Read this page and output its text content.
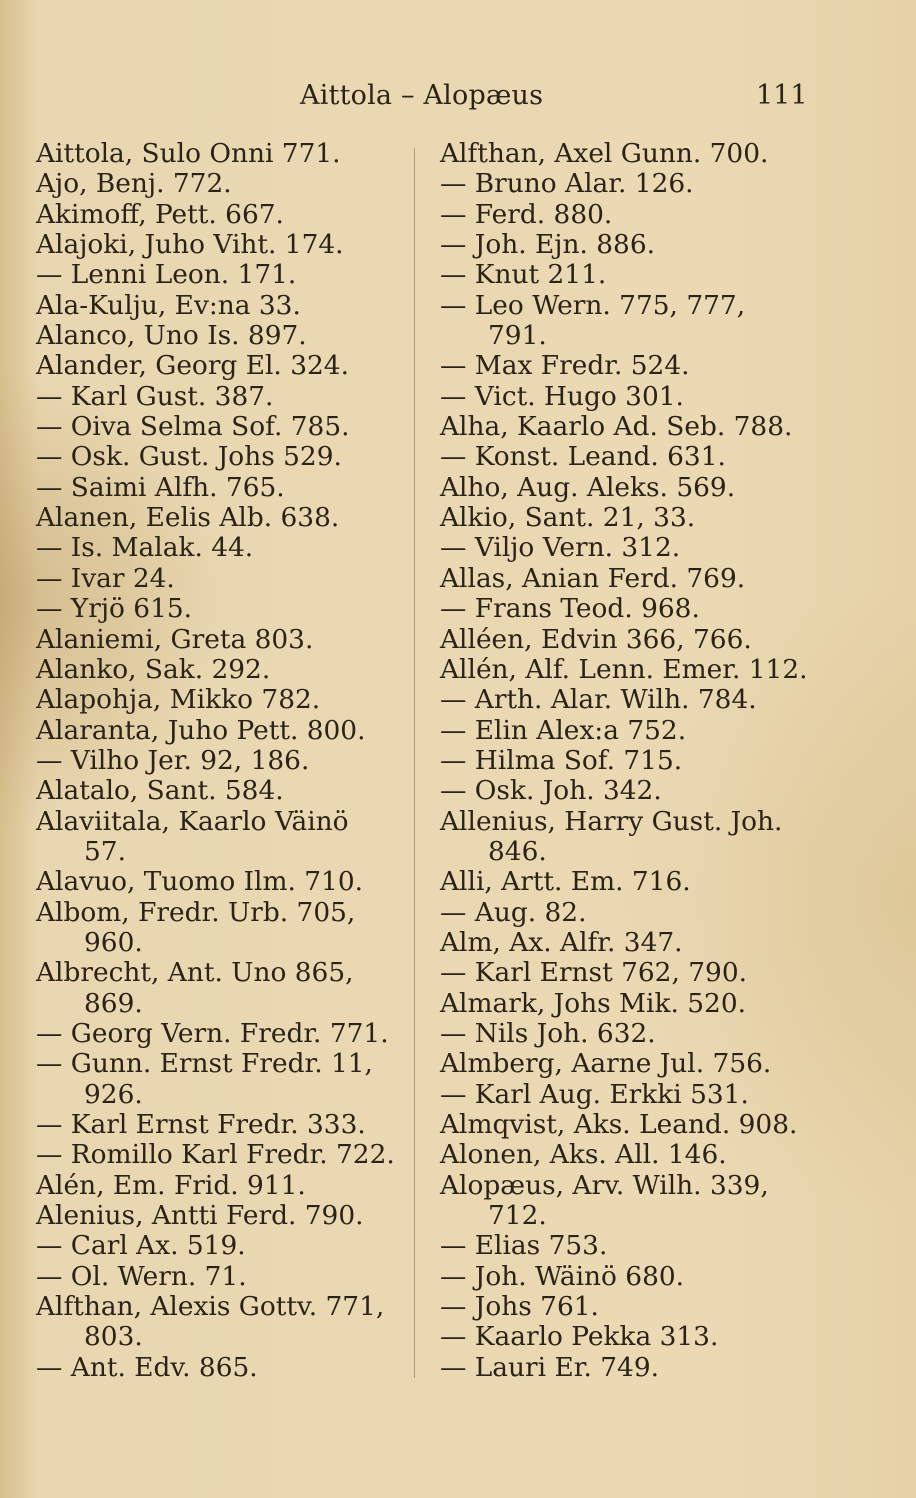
Aittola – Alopæus	111
Aittola, Sulo Onni 771.
Ajo, Benj. 772.
Akimoff, Pett. 667.
Alajoki, Juho Viht. 174.
— Lenni Leon. 171.
Ala-Kulju, Ev:na 33.
Alanco, Uno Is. 897.
Alander, Georg El. 324.
— Karl Gust. 387.
— Oiva Selma Sof. 785.
— Osk. Gust. Johs 529.
— Saimi Alfh. 765.
Alanen, Eelis Alb. 638.
— Is. Malak. 44.
— Ivar 24.
— Yrjö 615.
Alaniemi, Greta 803.
Alanko, Sak. 292.
Alapohja, Mikko 782.
Alaranta, Juho Pett. 800.
— Vilho Jer. 92, 186.
Alatalo, Sant. 584.
Alaviitala, Kaarlo Väinö
57.
Alavuo, Tuomo Ilm. 710.
Albom, Fredr. Urb. 705,
960.
Albrecht, Ant. Uno 865,
869.
— Georg Vern. Fredr. 771.
— Gunn. Ernst Fredr. 11,
926.
— Karl Ernst Fredr. 333.
— Romillo Karl Fredr. 722.
Alén, Em. Frid. 911.
Alenius, Antti Ferd. 790.
— Carl Ax. 519.
— Ol. Wern. 71.
Alfthan, Alexis Gottv. 771,
803.
— Ant. Edv. 865.
Alfthan, Axel Gunn. 700.
— Bruno Alar. 126.
— Ferd. 880.
— Joh. Ejn. 886.
— Knut 211.
— Leo Wern. 775, 777,
791.
— Max Fredr. 524.
— Vict. Hugo 301.
Alha, Kaarlo Ad. Seb. 788.
— Konst. Leand. 631.
Alho, Aug. Aleks. 569.
Alkio, Sant. 21, 33.
— Viljo Vern. 312.
Allas, Anian Ferd. 769.
— Frans Teod. 968.
Alléen, Edvin 366, 766.
Allén, Alf. Lenn. Emer. 112.
— Arth. Alar. Wilh. 784.
— Elin Alex:a 752.
— Hilma Sof. 715.
— Osk. Joh. 342.
Allenius, Harry Gust. Joh.
846.
Alli, Artt. Em. 716.
— Aug. 82.
Alm, Ax. Alfr. 347.
— Karl Ernst 762, 790.
Almark, Johs Mik. 520.
— Nils Joh. 632.
Almberg, Aarne Jul. 756.
— Karl Aug. Erkki 531.
Almqvist, Aks. Leand. 908.
Alonen, Aks. All. 146.
Alopæus, Arv. Wilh. 339,
712.
— Elias 753.
— Joh. Wäinö 680.
— Johs 761.
— Kaarlo Pekka 313.
— Lauri Er. 749.
